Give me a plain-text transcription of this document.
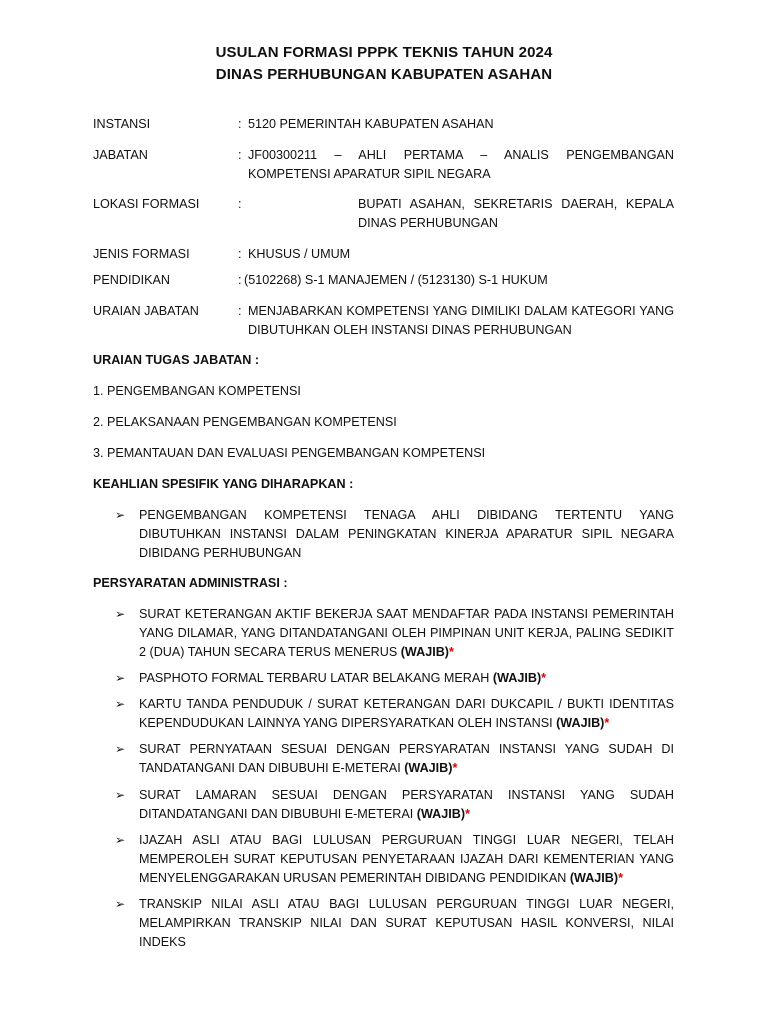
USULAN FORMASI PPPK TEKNIS TAHUN 2024
DINAS PERHUBUNGAN KABUPATEN ASAHAN
INSTANSI	: 5120 PEMERINTAH KABUPATEN ASAHAN
JABATAN	: JF00300211 – AHLI PERTAMA – ANALIS PENGEMBANGAN KOMPETENSI APARATUR SIPIL NEGARA
LOKASI FORMASI	:	BUPATI ASAHAN, SEKRETARIS DAERAH, KEPALA DINAS PERHUBUNGAN
JENIS FORMASI	: KHUSUS / UMUM
PENDIDIKAN	: (5102268) S-1 MANAJEMEN / (5123130) S-1 HUKUM
URAIAN JABATAN	: MENJABARKAN KOMPETENSI YANG DIMILIKI DALAM KATEGORI YANG DIBUTUHKAN OLEH INSTANSI DINAS PERHUBUNGAN
URAIAN TUGAS JABATAN :
1. PENGEMBANGAN KOMPETENSI
2. PELAKSANAAN PENGEMBANGAN KOMPETENSI
3. PEMANTAUAN DAN EVALUASI PENGEMBANGAN KOMPETENSI
KEAHLIAN SPESIFIK YANG DIHARAPKAN :
➢ PENGEMBANGAN KOMPETENSI TENAGA AHLI DIBIDANG TERTENTU YANG DIBUTUHKAN INSTANSI DALAM PENINGKATAN KINERJA APARATUR SIPIL NEGARA DIBIDANG PERHUBUNGAN
PERSYARATAN ADMINISTRASI :
➢ SURAT KETERANGAN AKTIF BEKERJA SAAT MENDAFTAR PADA INSTANSI PEMERINTAH YANG DILAMAR, YANG DITANDATANGANI OLEH PIMPINAN UNIT KERJA, PALING SEDIKIT 2 (DUA) TAHUN SECARA TERUS MENERUS (WAJIB)*
➢ PASPHOTO FORMAL TERBARU LATAR BELAKANG MERAH (WAJIB)*
➢ KARTU TANDA PENDUDUK / SURAT KETERANGAN DARI DUKCAPIL / BUKTI IDENTITAS KEPENDUDUKAN LAINNYA YANG DIPERSYARATKAN OLEH INSTANSI (WAJIB)*
➢ SURAT PERNYATAAN SESUAI DENGAN PERSYARATAN INSTANSI YANG SUDAH DI TANDATANGANI DAN DIBUBUHI E-METERAI (WAJIB)*
➢ SURAT LAMARAN SESUAI DENGAN PERSYARATAN INSTANSI YANG SUDAH DITANDATANGANI DAN DIBUBUHI E-METERAI (WAJIB)*
➢ IJAZAH ASLI ATAU BAGI LULUSAN PERGURUAN TINGGI LUAR NEGERI, TELAH MEMPEROLEH SURAT KEPUTUSAN PENYETARAAN IJAZAH DARI KEMENTERIAN YANG MENYELENGGARAKAN URUSAN PEMERINTAH DIBIDANG PENDIDIKAN (WAJIB)*
➢ TRANSKIP NILAI ASLI ATAU BAGI LULUSAN PERGURUAN TINGGI LUAR NEGERI, MELAMPIRKAN TRANSKIP NILAI DAN SURAT KEPUTUSAN HASIL KONVERSI, NILAI INDEKS
